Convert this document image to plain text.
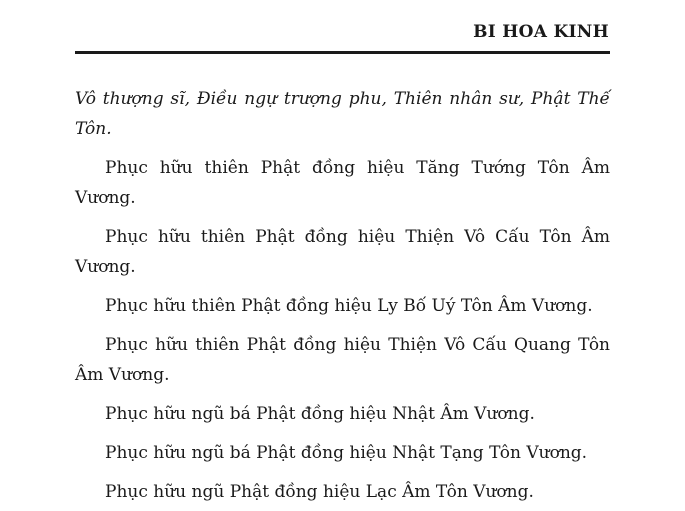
BI HOA KINH

Vô thượng sĩ, Điều ngự trượng phu, Thiên nhân sư, Phật Thế Tôn.

Phục hữu thiên Phật đồng hiệu Tăng Tướng Tôn Âm Vương.

Phục hữu thiên Phật đồng hiệu Thiện Vô Cấu Tôn Âm Vương.

Phục hữu thiên Phật đồng hiệu Ly Bố Uý Tôn Âm Vương.

Phục hữu thiên Phật đồng hiệu Thiện Vô Cấu Quang Tôn Âm Vương.

Phục hữu ngũ bá Phật đồng hiệu Nhật Âm Vương.

Phục hữu ngũ bá Phật đồng hiệu Nhật Tạng Tôn Vương.

Phục hữu ngũ Phật đồng hiệu Lạc Âm Tôn Vương.
